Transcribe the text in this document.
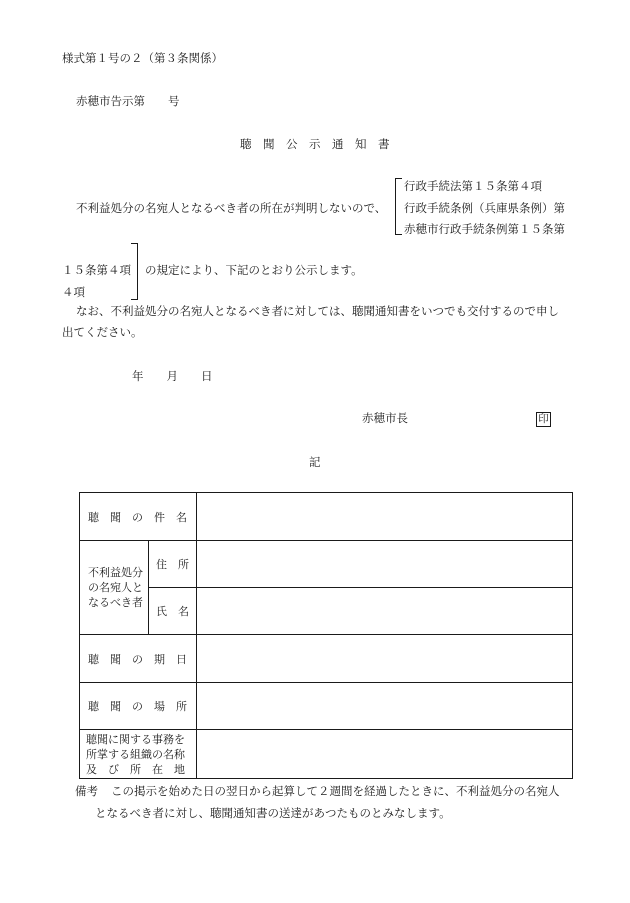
様式第１号の２（第３条関係）
赤穂市告示第　　号
聴　聞　公　示　通　知　書
不利益処分の名宛人となるべき者の所在が判明しないので、
行政手続法第１５条第４項
行政手続条例（兵庫県条例）第
赤穂市行政手続条例第１５条第
１５条第４項
４項
の規定により、下記のとおり公示します。
なお、不利益処分の名宛人となるべき者に対しては、聴聞通知書をいつでも交付するので申し
出てください。
年　　月　　日
赤穂市長	印
記
聴　聞　の　件　名		

不利益処分
の名宛人と
なるべき者	住　所	
	氏　名	
聴　聞　の　期　日		
聴　聞　の　場　所		

聴聞に関する事務を
所掌する組織の名称
及　び　所　在　地		

備考 この掲示を始めた日の翌日から起算して２週間を経過したときに、不利益処分の名宛人
となるべき者に対し、聴聞通知書の送達があつたものとみなします。
